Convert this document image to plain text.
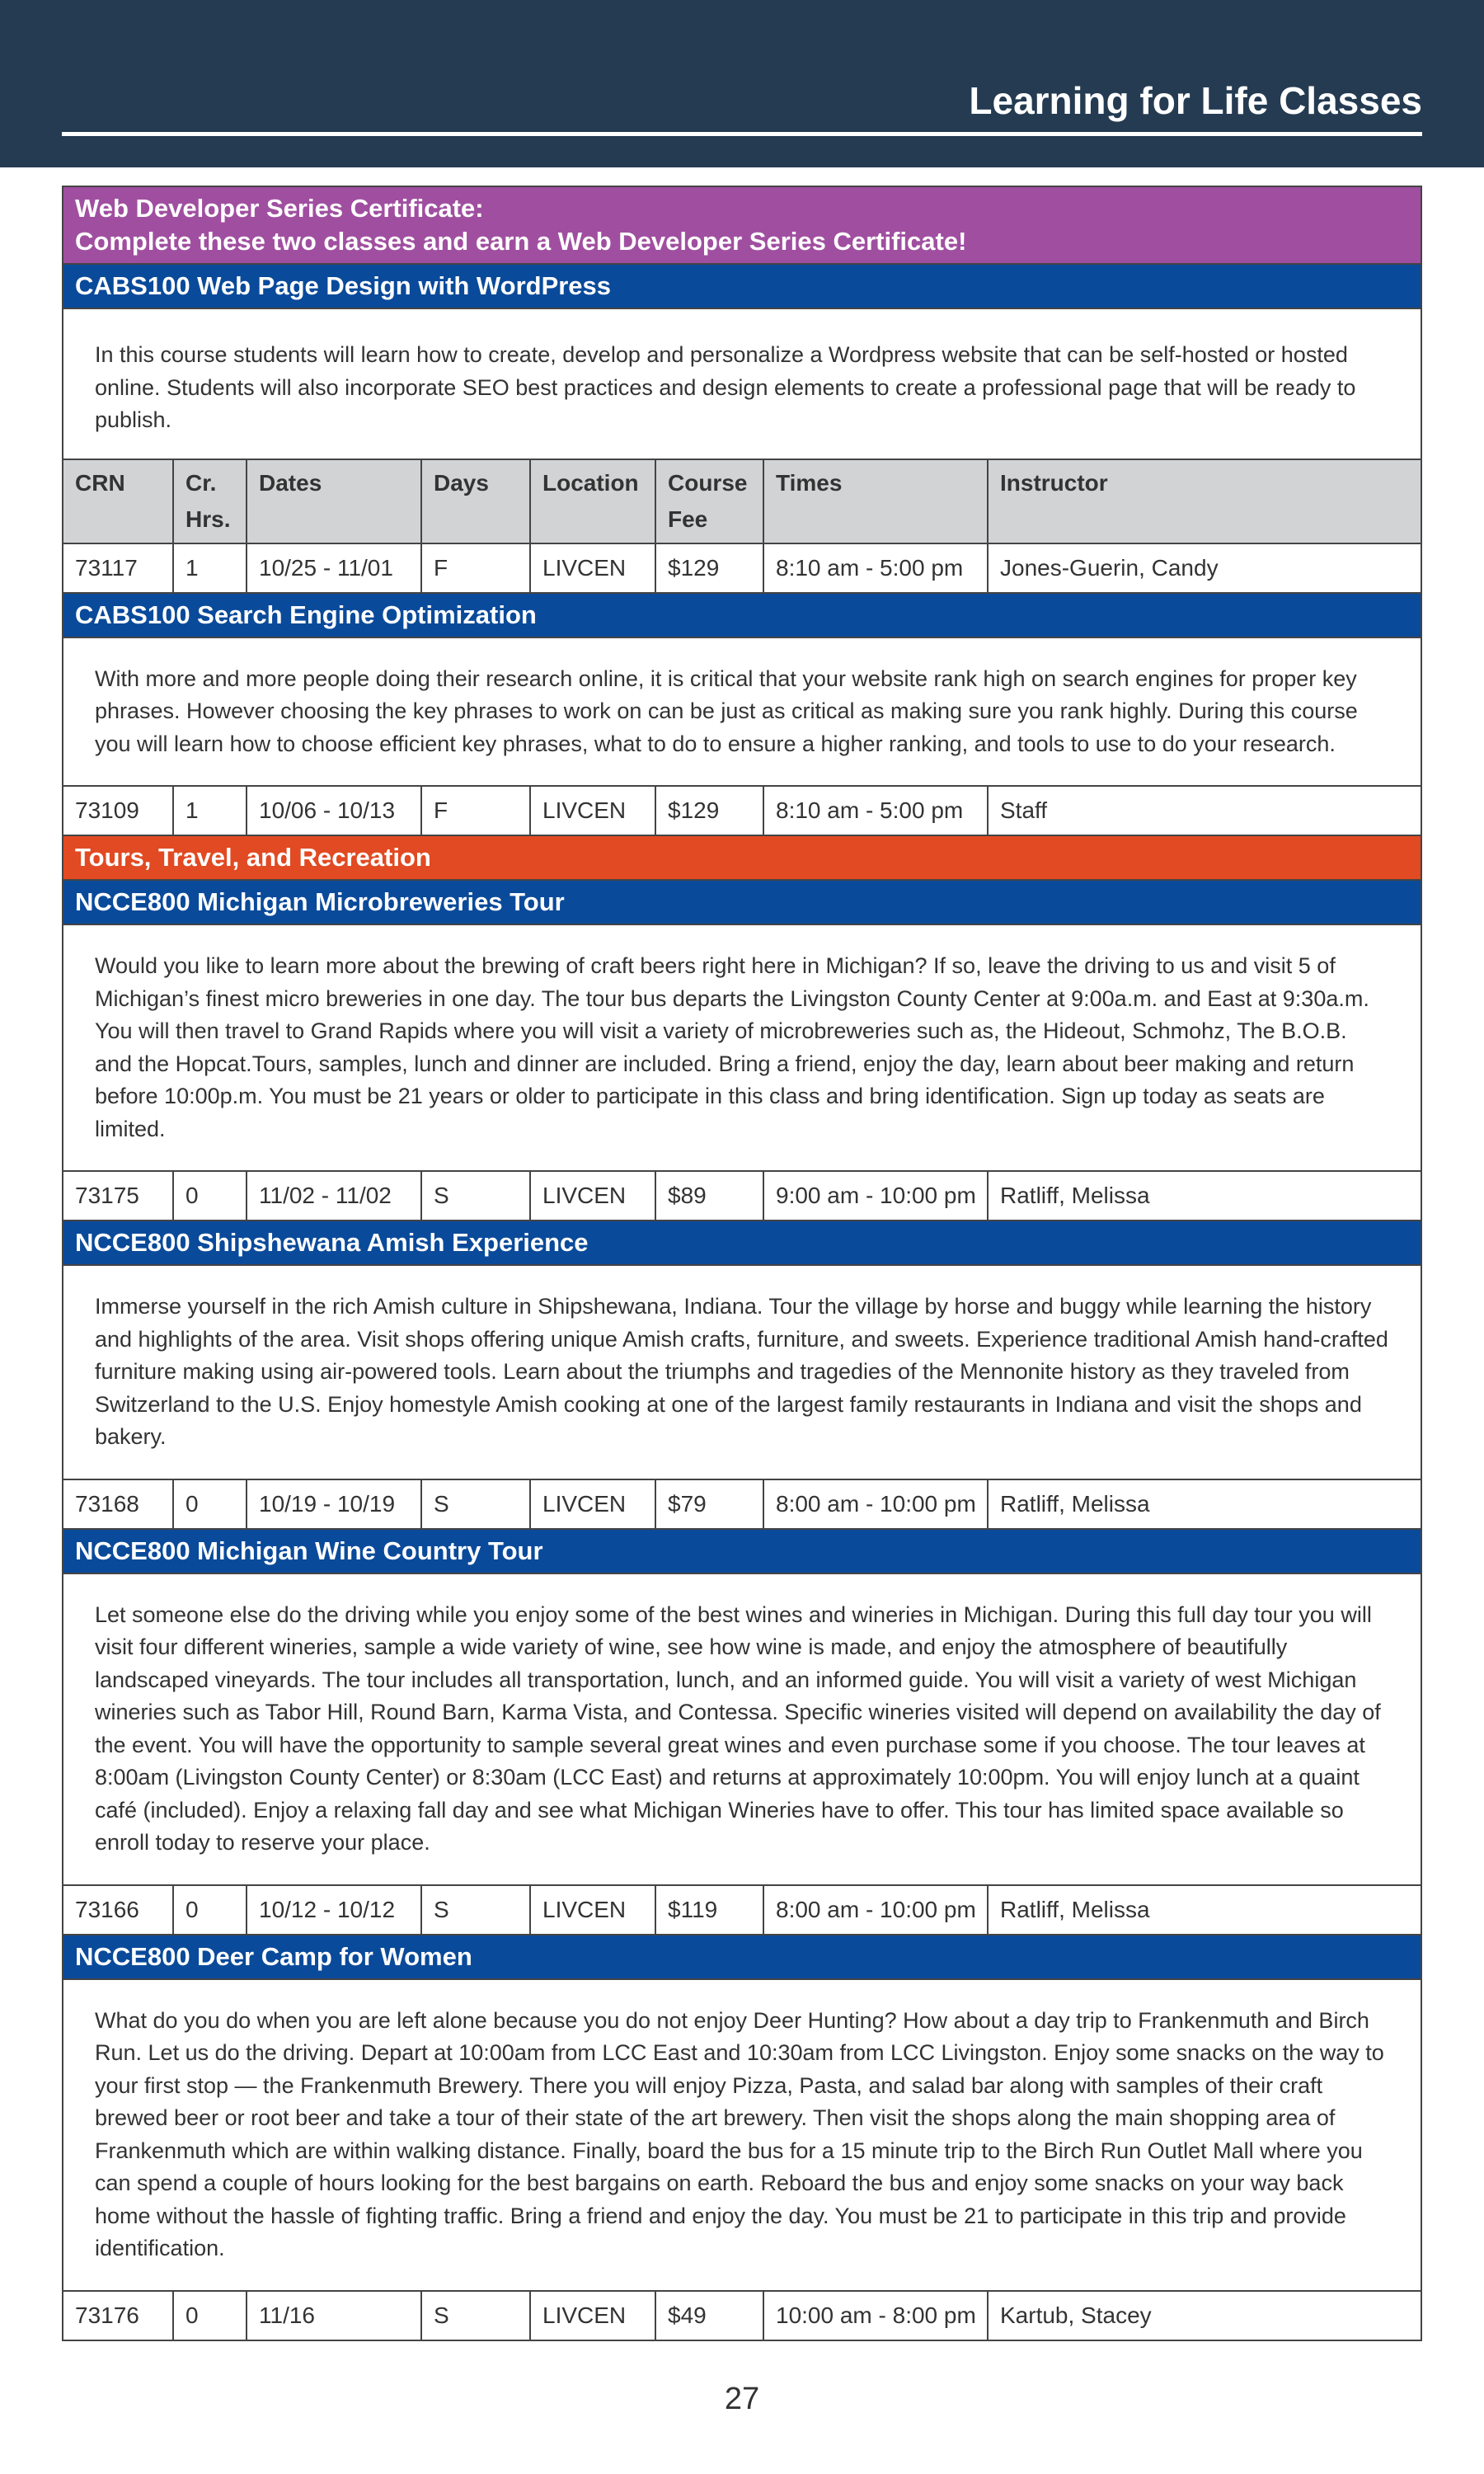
Learning for Life Classes
Web Developer Series Certificate:
Complete these two classes and earn a Web Developer Series Certificate!
CABS100 Web Page Design with WordPress
In this course students will learn how to create, develop and personalize a Wordpress website that can be self-hosted or hosted online. Students will also incorporate SEO best practices and design elements to create a professional page that will be ready to publish.
CRN	Cr. Hrs.	Dates	Days	Location	Course Fee	Times	Instructor
73117	1	10/25 - 11/01	F	LIVCEN	$129	8:10 am - 5:00 pm	Jones-Guerin, Candy
CABS100 Search Engine Optimization
With more and more people doing their research online, it is critical that your website rank high on search engines for proper key phrases. However choosing the key phrases to work on can be just as critical as making sure you rank highly. During this course you will learn how to choose efficient key phrases, what to do to ensure a higher ranking, and tools to use to do your research.
73109	1	10/06 - 10/13	F	LIVCEN	$129	8:10 am - 5:00 pm	Staff
Tours, Travel, and Recreation
NCCE800 Michigan Microbreweries Tour
Would you like to learn more about the brewing of craft beers right here in Michigan? If so, leave the driving to us and visit 5 of Michigan’s finest micro breweries in one day. The tour bus departs the Livingston County Center at 9:00a.m. and East at 9:30a.m. You will then travel to Grand Rapids where you will visit a variety of microbreweries such as, the Hideout, Schmohz, The B.O.B. and the Hopcat.Tours, samples, lunch and dinner are included. Bring a friend, enjoy the day, learn about beer making and return before 10:00p.m. You must be 21 years or older to participate in this class and bring identification. Sign up today as seats are limited.
73175	0	11/02 - 11/02	S	LIVCEN	$89	9:00 am - 10:00 pm	Ratliff, Melissa
NCCE800 Shipshewana Amish Experience
Immerse yourself in the rich Amish culture in Shipshewana, Indiana. Tour the village by horse and buggy while learning the history and highlights of the area. Visit shops offering unique Amish crafts, furniture, and sweets. Experience traditional Amish hand-crafted furniture making using air-powered tools. Learn about the triumphs and tragedies of the Mennonite history as they traveled from Switzerland to the U.S. Enjoy homestyle Amish cooking at one of the largest family restaurants in Indiana and visit the shops and bakery.
73168	0	10/19 - 10/19	S	LIVCEN	$79	8:00 am - 10:00 pm	Ratliff, Melissa
NCCE800 Michigan Wine Country Tour
Let someone else do the driving while you enjoy some of the best wines and wineries in Michigan. During this full day tour you will visit four different wineries, sample a wide variety of wine, see how wine is made, and enjoy the atmosphere of beautifully landscaped vineyards. The tour includes all transportation, lunch, and an informed guide. You will visit a variety of west Michigan wineries such as Tabor Hill, Round Barn, Karma Vista, and Contessa. Specific wineries visited will depend on availability the day of the event. You will have the opportunity to sample several great wines and even purchase some if you choose. The tour leaves at 8:00am (Livingston County Center) or 8:30am (LCC East) and returns at approximately 10:00pm. You will enjoy lunch at a quaint café (included). Enjoy a relaxing fall day and see what Michigan Wineries have to offer. This tour has limited space available so enroll today to reserve your place.
73166	0	10/12 - 10/12	S	LIVCEN	$119	8:00 am - 10:00 pm	Ratliff, Melissa
NCCE800 Deer Camp for Women
What do you do when you are left alone because you do not enjoy Deer Hunting? How about a day trip to Frankenmuth and Birch Run. Let us do the driving. Depart at 10:00am from LCC East and 10:30am from LCC Livingston. Enjoy some snacks on the way to your first stop — the Frankenmuth Brewery. There you will enjoy Pizza, Pasta, and salad bar along with samples of their craft brewed beer or root beer and take a tour of their state of the art brewery. Then visit the shops along the main shopping area of Frankenmuth which are within walking distance. Finally, board the bus for a 15 minute trip to the Birch Run Outlet Mall where you can spend a couple of hours looking for the best bargains on earth. Reboard the bus and enjoy some snacks on your way back home without the hassle of fighting traffic. Bring a friend and enjoy the day. You must be 21 to participate in this trip and provide identification.
73176	0	11/16	S	LIVCEN	$49	10:00 am - 8:00 pm	Kartub, Stacey
27
